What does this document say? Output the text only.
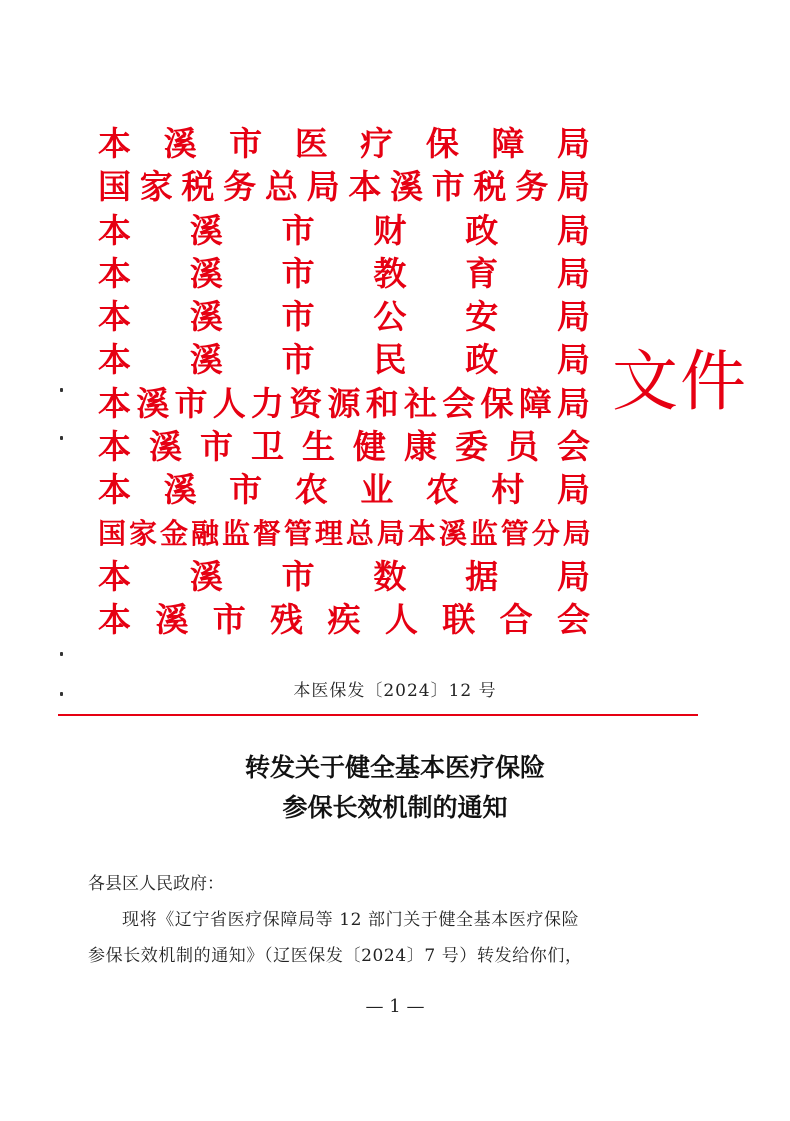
本 溪 市 医 疗 保 障 局
国 家 税 务 总 局 本 溪 市 税 务 局
本 溪 市 财 政 局
本 溪 市 教 育 局
本 溪 市 公 安 局
本 溪 市 民 政 局
本 溪 市 人 力 资 源 和 社 会 保 障 局
本 溪 市 卫 生 健 康 委 员 会
本 溪 市 农 业 农 村 局
国 家 金 融 监 督 管 理 总 局 本 溪 监 管 分 局
本 溪 市 数 据 局
本 溪 市 残 疾 人 联 合 会
文件
本医保发〔2024〕12 号
转发关于健全基本医疗保险
参保长效机制的通知
各县区人民政府：
现将《辽宁省医疗保障局等 12 部门关于健全基本医疗保险
参保长效机制的通知》（辽医保发〔2024〕7 号）转发给你们，
— 1 —
